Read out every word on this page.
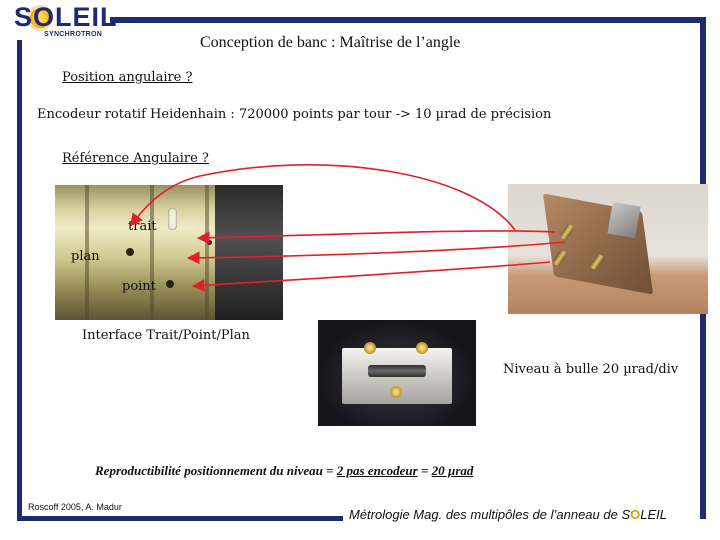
SOLEIL
SYNCHROTRON	Conception de banc : Maîtrise de l’angle
Position angulaire ?
Encodeur rotatif Heidenhain : 720000 points par tour -> 10 µrad de précision
Référence Angulaire ?
trait
plan
point
Interface Trait/Point/Plan
Niveau à bulle 20 µrad/div
Reproductibilité positionnement du niveau = 2 pas encodeur = 20 µrad
Roscoff 2005, A. Madur	Métrologie Mag. des multipôles de l’anneau de SOLEIL
